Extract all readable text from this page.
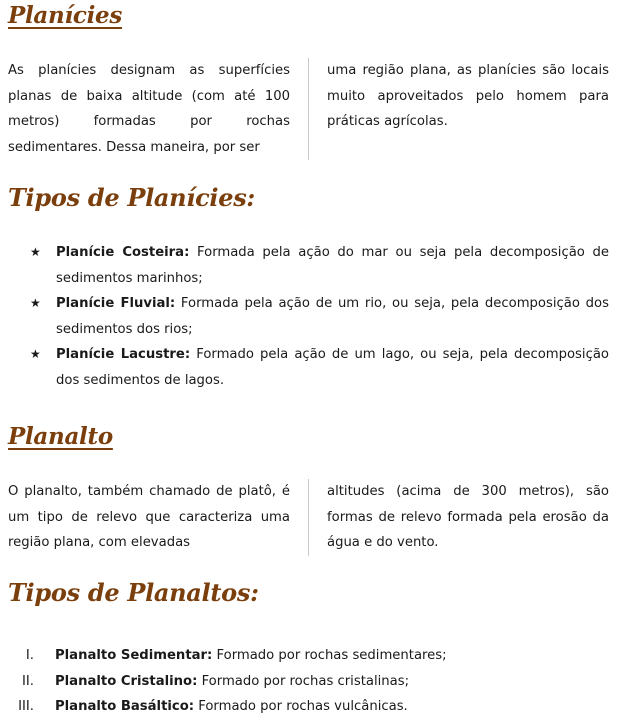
Planícies
As planícies designam as superfícies planas de baixa altitude (com até 100 metros) formadas por rochas sedimentares. Dessa maneira, por ser
uma região plana, as planícies são locais muito aproveitados pelo homem para práticas agrícolas.
Tipos de Planícies:
★ Planície Costeira: Formada pela ação do mar ou seja pela decomposição de sedimentos marinhos;
★ Planície Fluvial: Formada pela ação de um rio, ou seja, pela decomposição dos sedimentos dos rios;
★ Planície Lacustre: Formado pela ação de um lago, ou seja, pela decomposição dos sedimentos de lagos.
Planalto
O planalto, também chamado de platô, é um tipo de relevo que caracteriza uma região plana, com elevadas
altitudes (acima de 300 metros), são formas de relevo formada pela erosão da água e do vento.
Tipos de Planaltos:
I. Planalto Sedimentar: Formado por rochas sedimentares;
II. Planalto Cristalino: Formado por rochas cristalinas;
III. Planalto Basáltico: Formado por rochas vulcânicas.
